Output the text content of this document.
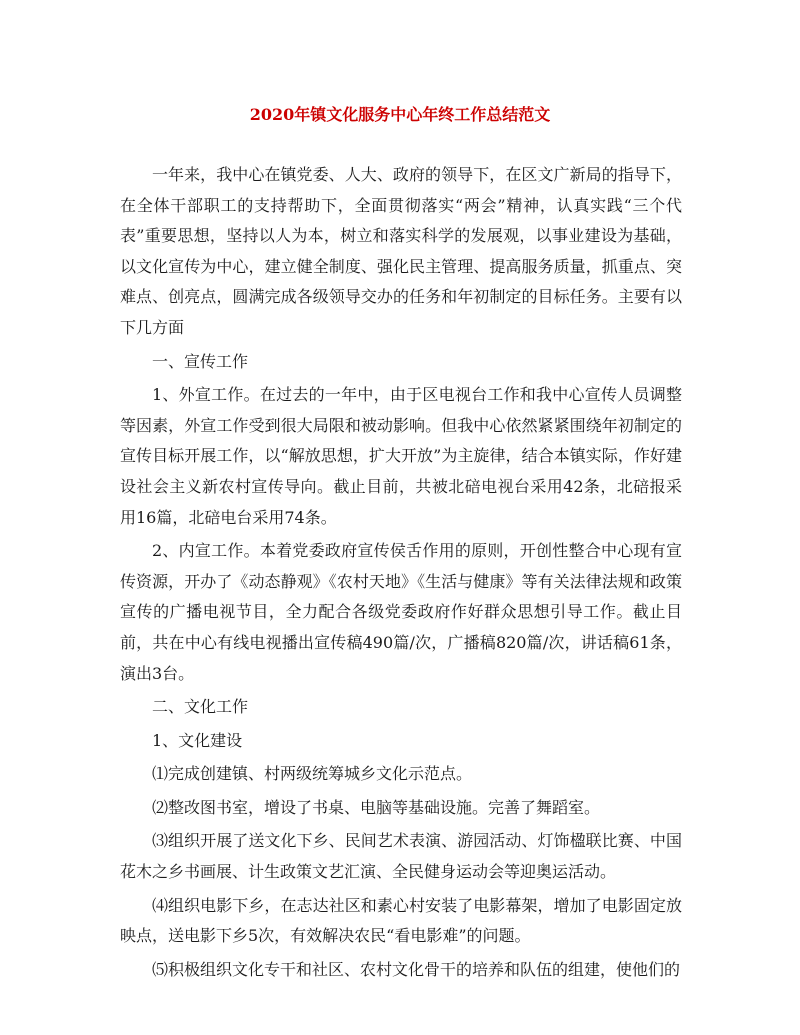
2020年镇文化服务中心年终工作总结范文

一年来，我中心在镇党委、人大、政府的领导下，在区文广新局的指导下，在全体干部职工的支持帮助下，全面贯彻落实“两会”精神，认真实践“三个代表”重要思想，坚持以人为本，树立和落实科学的发展观，以事业建设为基础，以文化宣传为中心，建立健全制度、强化民主管理、提高服务质量，抓重点、突难点、创亮点，圆满完成各级领导交办的任务和年初制定的目标任务。主要有以下几方面

一、宣传工作

1、外宣工作。在过去的一年中，由于区电视台工作和我中心宣传人员调整等因素，外宣工作受到很大局限和被动影响。但我中心依然紧紧围绕年初制定的宣传目标开展工作，以“解放思想，扩大开放”为主旋律，结合本镇实际，作好建设社会主义新农村宣传导向。截止目前，共被北碚电视台采用42条，北碚报采用16篇，北碚电台采用74条。

2、内宣工作。本着党委政府宣传侯舌作用的原则，开创性整合中心现有宣传资源，开办了《动态静观》《农村天地》《生活与健康》等有关法律法规和政策宣传的广播电视节目，全力配合各级党委政府作好群众思想引导工作。截止目前，共在中心有线电视播出宣传稿490篇/次，广播稿820篇/次，讲话稿61条，演出3台。

二、文化工作

1、文化建设

⑴完成创建镇、村两级统筹城乡文化示范点。

⑵整改图书室，增设了书桌、电脑等基础设施。完善了舞蹈室。

⑶组织开展了送文化下乡、民间艺术表演、游园活动、灯饰楹联比赛、中国花木之乡书画展、计生政策文艺汇演、全民健身运动会等迎奥运活动。

⑷组织电影下乡，在志达社区和素心村安装了电影幕架，增加了电影固定放映点，送电影下乡5次，有效解决农民“看电影难”的问题。

⑸积极组织文化专干和社区、农村文化骨干的培养和队伍的组建，使他们的
